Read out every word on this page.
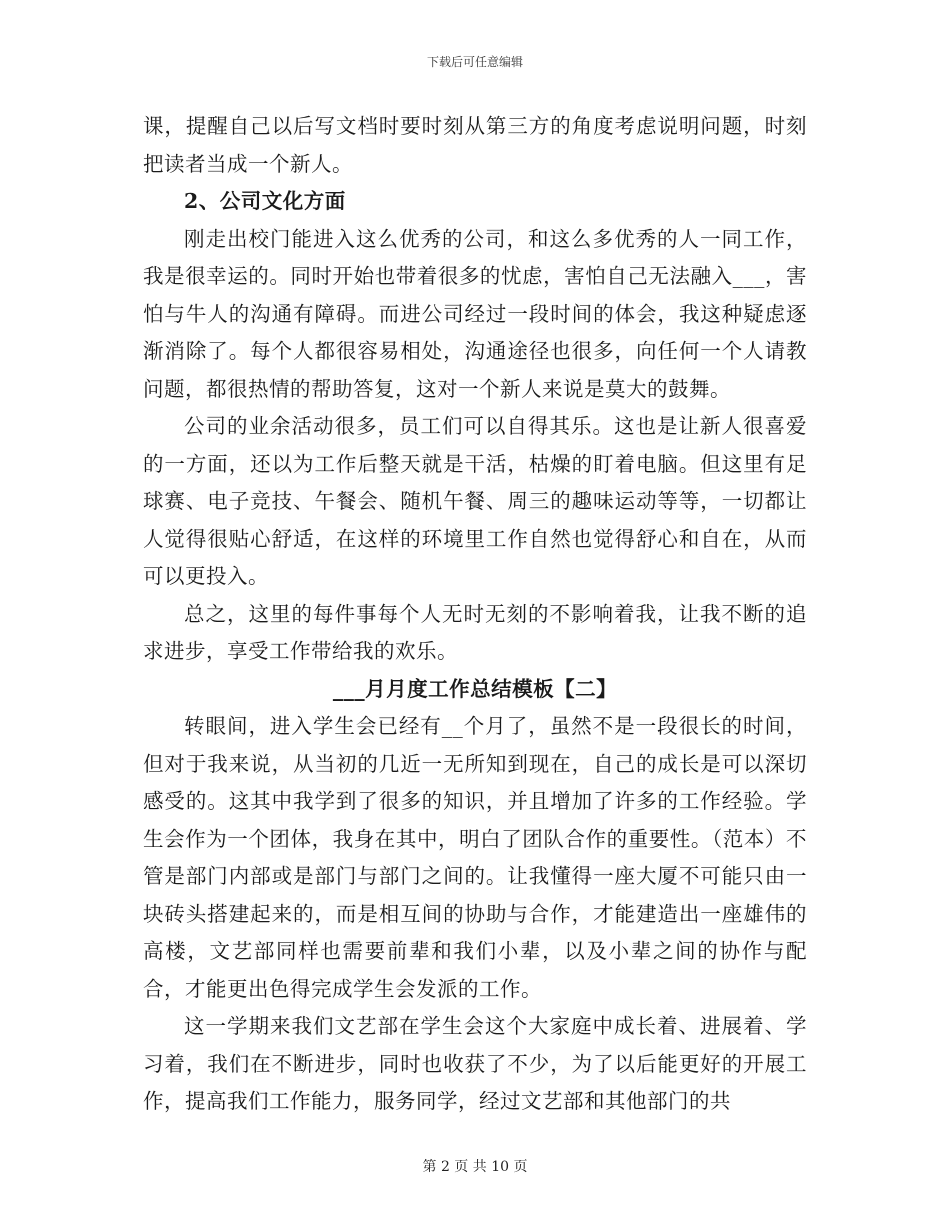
下载后可任意编辑

课，提醒自己以后写文档时要时刻从第三方的角度考虑说明问题，时刻把读者当成一个新人。

2、公司文化方面

刚走出校门能进入这么优秀的公司，和这么多优秀的人一同工作，我是很幸运的。同时开始也带着很多的忧虑，害怕自己无法融入___，害怕与牛人的沟通有障碍。而进公司经过一段时间的体会，我这种疑虑逐渐消除了。每个人都很容易相处，沟通途径也很多，向任何一个人请教问题，都很热情的帮助答复，这对一个新人来说是莫大的鼓舞。

公司的业余活动很多，员工们可以自得其乐。这也是让新人很喜爱的一方面，还以为工作后整天就是干活，枯燥的盯着电脑。但这里有足球赛、电子竞技、午餐会、随机午餐、周三的趣味运动等等，一切都让人觉得很贴心舒适，在这样的环境里工作自然也觉得舒心和自在，从而可以更投入。

总之，这里的每件事每个人无时无刻的不影响着我，让我不断的追求进步，享受工作带给我的欢乐。

___月月度工作总结模板【二】

转眼间，进入学生会已经有__个月了，虽然不是一段很长的时间，但对于我来说，从当初的几近一无所知到现在，自己的成长是可以深切感受的。这其中我学到了很多的知识，并且增加了许多的工作经验。学生会作为一个团体，我身在其中，明白了团队合作的重要性。（范本）不管是部门内部或是部门与部门之间的。让我懂得一座大厦不可能只由一块砖头搭建起来的，而是相互间的协助与合作，才能建造出一座雄伟的高楼，文艺部同样也需要前辈和我们小辈，以及小辈之间的协作与配合，才能更出色得完成学生会发派的工作。

这一学期来我们文艺部在学生会这个大家庭中成长着、进展着、学习着，我们在不断进步，同时也收获了不少，为了以后能更好的开展工作，提高我们工作能力，服务同学，经过文艺部和其他部门的共

第 2 页 共 10 页
